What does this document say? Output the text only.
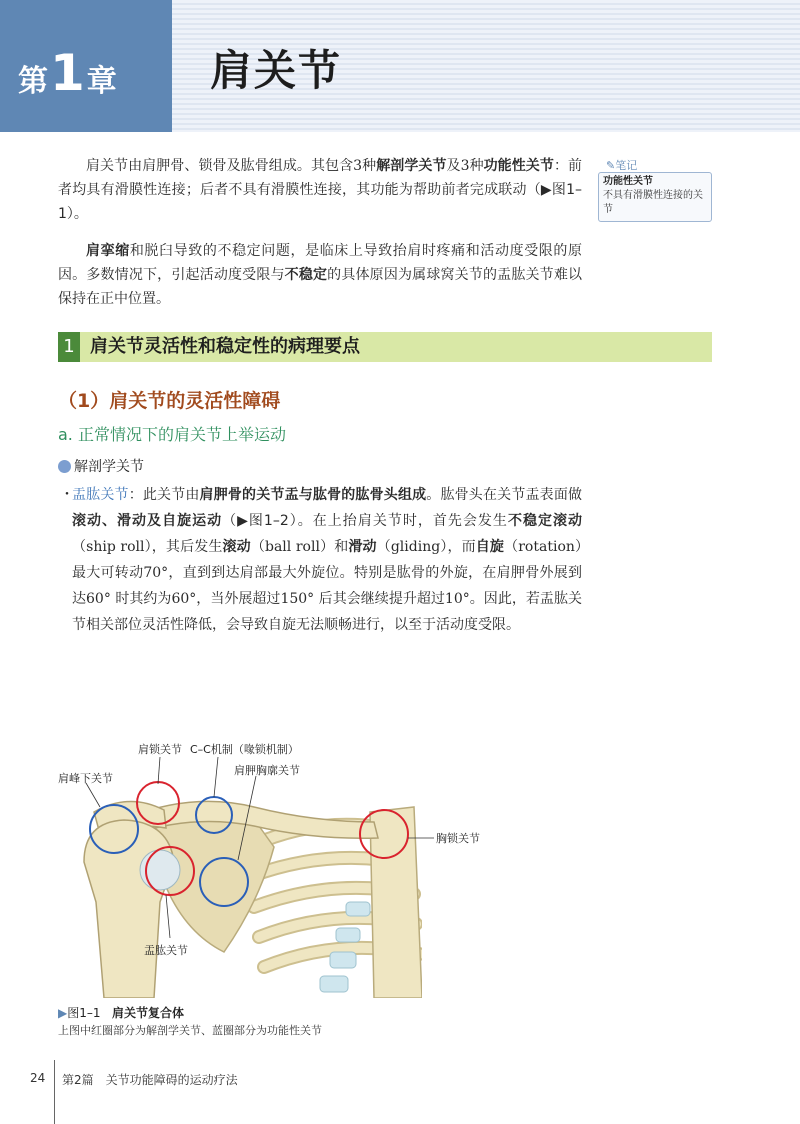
第 1 章 肩关节
肩关节由肩胛骨、锁骨及肱骨组成。其包含3种解剖学关节及3种功能性关节：前者均具有滑膜性连接；后者不具有滑膜性连接，其功能为帮助前者完成联动（▶图1–1）。
肩挛缩和脱臼导致的不稳定问题，是临床上导致抬肩时疼痛和活动度受限的原因。多数情况下，引起活动度受限与不稳定的具体原因为属球窝关节的盂肱关节难以保持在正中位置。
✎笔记
功能性关节
不具有滑膜性连接的关节
1 肩关节灵活性和稳定性的病理要点
（1）肩关节的灵活性障碍
a. 正常情况下的肩关节上举运动
解剖学关节
・
盂肱关节：此关节由肩胛骨的关节盂与肱骨的肱骨头组成。肱骨头在关节盂表面做滚动、滑动及自旋运动（▶图1–2）。在上抬肩关节时，首先会发生不稳定滚动（ship roll），其后发生滚动（ball roll）和滑动（gliding），而自旋（rotation）最大可转动70°，直到到达肩部最大外旋位。特别是肱骨的外旋，在肩胛骨外展到达60° 时其约为60°，当外展超过150° 后其会继续提升超过10°。因此，若盂肱关节相关部位灵活性降低，会导致自旋无法顺畅进行，以至于活动度受限。
肩锁关节 C–C机制（喙锁机制）
肩胛胸廓关节
肩峰下关节
胸锁关节
盂肱关节
▶图1–1 肩关节复合体
上图中红圈部分为解剖学关节、蓝圈部分为功能性关节
24 第2篇　关节功能障碍的运动疗法
